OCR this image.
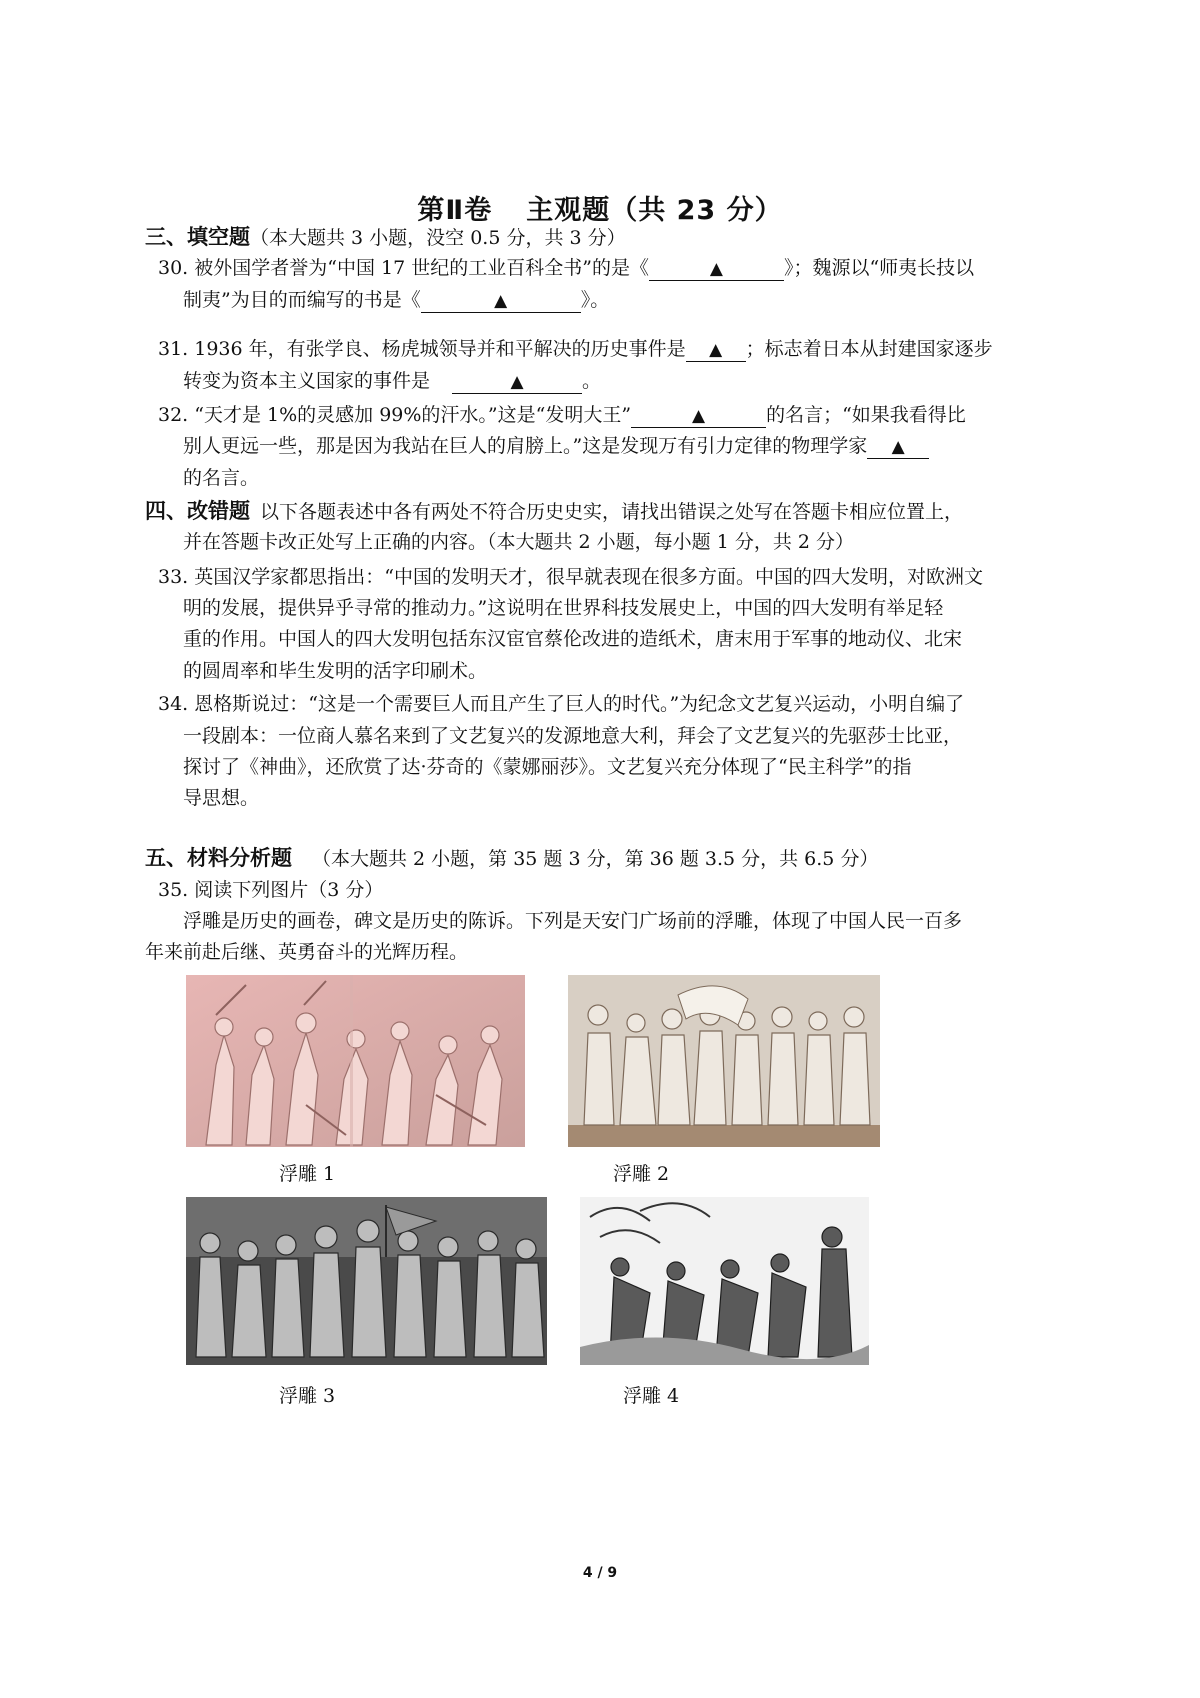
第Ⅱ卷 主观题（共 23 分）
三、填空题（本大题共 3 小题，没空 0.5 分，共 3 分）
30. 被外国学者誉为“中国 17 世纪的工业百科全书”的是《	▲	》；魏源以“师夷长技以
制夷”为目的而编写的书是《	▲	》。
31. 1936 年，有张学良、杨虎城领导并和平解决的历史事件是 ▲ ；标志着日本从封建国家逐步
转变为资本主义国家的事件是	▲	。
32. “天才是 1%的灵感加 99%的汗水。”这是“发明大王”	▲	的名言；“如果我看得比
别人更远一些，那是因为我站在巨人的肩膀上。”这是发现万有引力定律的物理学家 ▲
的名言。
四、改错题 以下各题表述中各有两处不符合历史史实，请找出错误之处写在答题卡相应位置上，
并在答题卡改正处写上正确的内容。（本大题共 2 小题，每小题 1 分，共 2 分）
33. 英国汉学家都思指出：“中国的发明天才，很早就表现在很多方面。中国的四大发明，对欧洲文
明的发展，提供异乎寻常的推动力。”这说明在世界科技发展史上，中国的四大发明有举足轻
重的作用。中国人的四大发明包括东汉宦官蔡伦改进的造纸术，唐末用于军事的地动仪、北宋
的圆周率和毕生发明的活字印刷术。
34. 恩格斯说过：“这是一个需要巨人而且产生了巨人的时代。”为纪念文艺复兴运动，小明自编了
一段剧本：一位商人慕名来到了文艺复兴的发源地意大利，拜会了文艺复兴的先驱莎士比亚，
探讨了《神曲》，还欣赏了达·芬奇的《蒙娜丽莎》。文艺复兴充分体现了“民主科学”的指
导思想。
五、材料分析题 （本大题共 2 小题，第 35 题 3 分，第 36 题 3.5 分，共 6.5 分）
35. 阅读下列图片（3 分）
浮雕是历史的画卷，碑文是历史的陈诉。下列是天安门广场前的浮雕，体现了中国人民一百多
年来前赴后继、英勇奋斗的光辉历程。
浮雕 1	浮雕 2
浮雕 3	浮雕 4
4 / 9
